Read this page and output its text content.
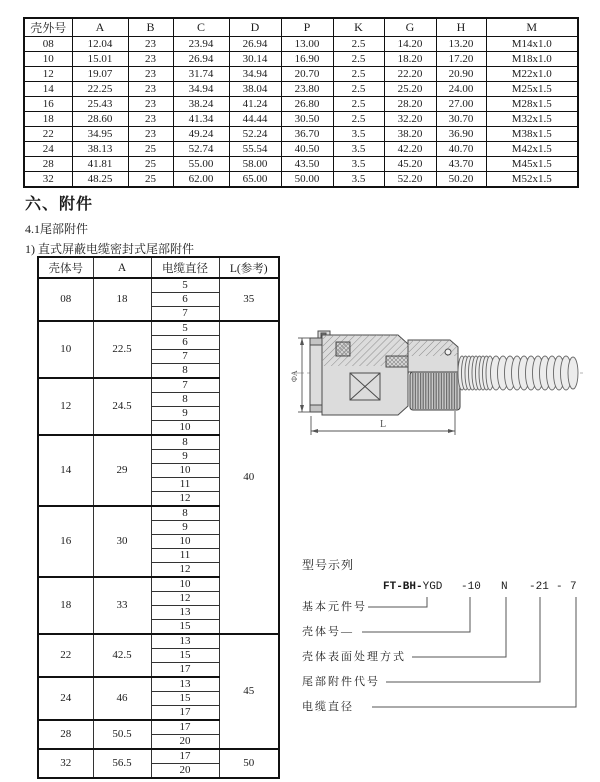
壳外号	A	B	C	D	P	K	G	H	M
08	12.04	23	23.94	26.94	13.00	2.5	14.20	13.20	M14x1.0
10	15.01	23	26.94	30.14	16.90	2.5	18.20	17.20	M18x1.0
12	19.07	23	31.74	34.94	20.70	2.5	22.20	20.90	M22x1.0
14	22.25	23	34.94	38.04	23.80	2.5	25.20	24.00	M25x1.5
16	25.43	23	38.24	41.24	26.80	2.5	28.20	27.00	M28x1.5
18	28.60	23	41.34	44.44	30.50	2.5	32.20	30.70	M32x1.5
22	34.95	23	49.24	52.24	36.70	3.5	38.20	36.90	M38x1.5
24	38.13	25	52.74	55.54	40.50	3.5	42.20	40.70	M42x1.5
28	41.81	25	55.00	58.00	43.50	3.5	45.20	43.70	M45x1.5
32	48.25	25	62.00	65.00	50.00	3.5	52.20	50.20	M52x1.5
六、附件
4.1尾部附件
1) 直式屏蔽电缆密封式尾部附件
壳体号	A	电缆直径	L(参考)
08	18	5	35
		6	
		7	
10	22.5	5	40
		6	
		7	
		8	
12	24.5	7	
		8	
		9	
		10	
14	29	8	
		9	
		10	
		11	
		12	
16	30	8	
		9	
		10	
		11	
		12	
18	33	10	
		12	
		13	
		15	
22	42.5	13	45
		15	
		17	
24	46	13	
		15	
		17	
28	50.5	17	
		20	
32	56.5	17	50
		20	
ΦA
L
型号示列
FT-BH-YGD -10 N -21 - 7
基本元件号
壳体号—
壳体表面处理方式
尾部附件代号
电缆直径
